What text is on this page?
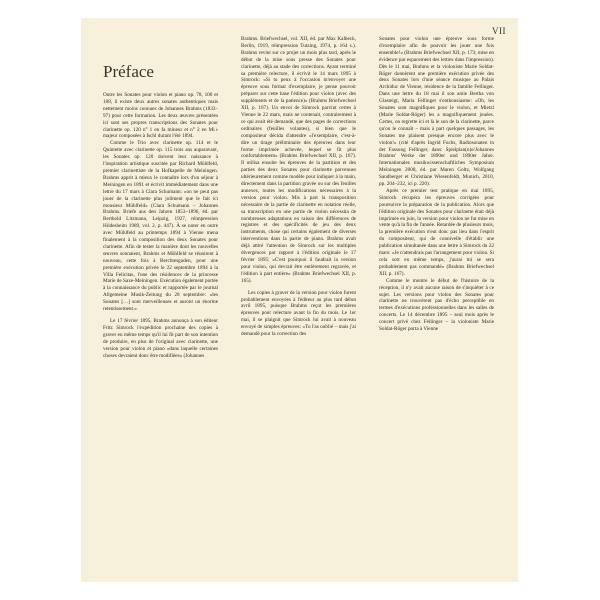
VII
Préface

Outre les Sonates pour violon et piano op. 78, 100 et 108, il existe deux autres sonates authentiques mais nettement moins connues de Johannes Brahms (1833–97) pour cette formation. Les deux œuvres présentées ici sont ses propres transcriptions des Sonates pour clarinette op. 120 n° 1 en fa mineur et n° 2 en Mi♭ majeur composées à Ischl durant l'été 1894.

Comme le Trio avec clarinette op. 114 et le Quintette avec clarinette op. 115 trois ans auparavant, les Sonates op. 120 doivent leur naissance à l'inspiration artistique suscitée par Richard Mühlfeld, premier clarinettiste de la Hofkapelle de Meiningen. Brahms apprit à mieux le connaître lors d'un séjour à Meiningen en 1891 et écrivit immédiatement dans une lettre du 17 mars à Clara Schumann: «on ne peut pas jouer de la clarinette plus joliment que le fait ici monsieur Mühlfeld» (Clara Schumann – Johannes Brahms. Briefe aus den Jahren 1853–1896, éd. par Berthold Litzmann, Leipzig, 1927, réimpression Hildesheim 1989, vol. 2, p. 447). À se noter en outre avec Mühlfeld au printemps 1894 à Vienne mena finalement à la composition des deux Sonates pour clarinette. Afin de tester la manière dont les nouvelles œuvres sonnaient, Brahms et Mühlfeld se réunirent à nouveau, cette fois à Berchtesgaden, pour une première exécution privée le 22 septembre 1894 à la Villa Felicitas, l'une des résidences de la princesse Marie de Saxe-Meiningen. Exécution également portée à la connaissance du public et rapportée par le journal Allgemeine Musik-Zeitung du 28 septembre: «les Sonates […] sont merveilleuses et auront un énorme retentissement.»

Le 17 février 1895, Brahms annonça à son éditeur Fritz Simrock l'expédition prochaine des copies à graver en même temps qu'il lui fit part de son intention de produire, en plus de l'original avec clarinette, une version pour violon et piano «dans laquelle certaines choses devraient donc être modifiées» (Johannes

Brahms. Briefwechsel, vol. XII, éd. par Max Kalbeck, Berlin, 1919, réimpression Tutzing, 1974, p. 164 s.). Brahms revint sur ce projet un mois plus tard, après le début de la mise sous presse des Sonates pour clarinette, déjà au stade des corrections. Ayant terminé sa première relecture, il écrivit le 14 mars 1895 à Simrock: «Si tu peux à l'occasion m'envoyer une épreuve sous format d'exemplaire, je pense pouvoir préparer sur cette base l'édition pour violon (avec des suppléments et de la patience)» (Brahms Briefwechsel XII, p. 167). Un envoi de Simrock parvint certes à Vienne le 22 mars, mais ne contenait, contrairement à ce qui avait été demandé, que des pages de corrections ordinaires (feuilles volantes), si bien que le compositeur décida d'attendre «l'exemplaire, c'est-à-dire un tirage préliminaire des épreuves dans leur forme imprimée achevée, lequel se fit plus confortablement» (Brahms Briefwechsel XII, p. 167). Il utilisa ensuite les épreuves de la partition et des parties des deux Sonates pour clarinette parvenues ultérieurement comme modèle pour indiquer à la main, directement dans la partition gravée ou sur des feuilles annexes, toutes les modifications nécessaires à la version pour violon. Mis à part la transposition nécessaire de la partie de clarinette en notation réelle, sa transcription en une partie de violon nécessita de nombreuses adaptations en raison des différences de registres et des spécificités de jeu des deux instruments, chose qui certains également de diverses interventions dans la partie de piano. Brahms avait déjà attiré l'attention de Simrock sur les multiples divergences par rapport à l'édition originale le 17 février 1895: «C'est pourquoi il faudrait la version pour violon, qui devrait être entièrement regravée, et l'édition à part entière» (Brahms Briefwechsel XII, p. 165).

Les copies à graver de la version pour violon furent probablement envoyées à l'éditeur au plus tard début avril 1895, puisque Brahms reçut les premières épreuves pour relecture avant la fin du mois. Le 1er mai, il se plaignit que Simrock lui avait à nouveau envoyé de simples épreuves: «Tu l'as oublié – mais j'ai demandé pour la correction des

Sonates pour violon une épreuve sous forme d'exemplaire afin de pouvoir les jouer une fois ensemble!» (Brahms Briefwechsel XII, p. 173; mise en évidence par espacement des lettres dans l'impression). Dès le 11 mai, Brahms et la violoniste Marie Soldat-Röger donnèrent une première exécution privée des deux Sonates lors d'une séance musique au Palais Archiduc de Vienne, résidence de la famille Fellinger. Dans une lettre du 18 mai il son amie Bertha von Glasteigt, Maria Fellinger s'enthousiasme: «Oh, les Sonates sont magnifiques pour le violon, et Mietzl (Marie Soldat-Röger) les a magnifiquement jouées. Certes, on regrette ici et là le son de la clarinette, parce qu'on le connaît – mais à part quelques passages, les Sonates me plaisent presque encore plus avec le violon!» (cité d'après Ingrid Fuchs, Radiosonaten in der Fassung Fellinger, dans: Spielplan(n)e/Johannes Brahms' Werke der 1890er und 1890er Jahre. Internationales musikwissenschaftliches Symposium Meiningen 2008, éd. par Maren Goltz, Wolfgang Sandberger et Christiane Wiesenfeldt, Munich, 2010, pp. 204–232, ici p. 220).

Après ce premier test pratique en mai 1895, Simrock récupéra les épreuves corrigées pour poursuivre la préparation de la publication. Alors que l'édition originale des Sonates pour clarinette était déjà imprimée en juin, la version pour violon ne fut mise en vente qu'à la fin de l'année. Retardée de plusieurs mois, la première exécution n'eut donc pas lieu dans l'esprit du compositeur, qui de connivelle d'établir une publication simultanée dans une lettre à Simrock du 22 mars: «Je n'attendrais pas l'arrangement pour violon. Si cela sort en même temps, j'aurai mi se sera probablement pas commandé» (Brahms Briefwechsel XII, p. 167).

Comme le montre le début de l'histoire de la réception, il n'y avait aucune raison de s'inquiéter à ce sujet. Les versions pour violon des Sonates pour clarinette ne trouvèrent pas d'écho perceptible en termes d'exécutions professionnelles dans les salles de concerts. Le 14 décembre 1895 – seul mois après le concert privé chez Fellinger – la violoniste Marie Soldat-Röger porta à Vienne
